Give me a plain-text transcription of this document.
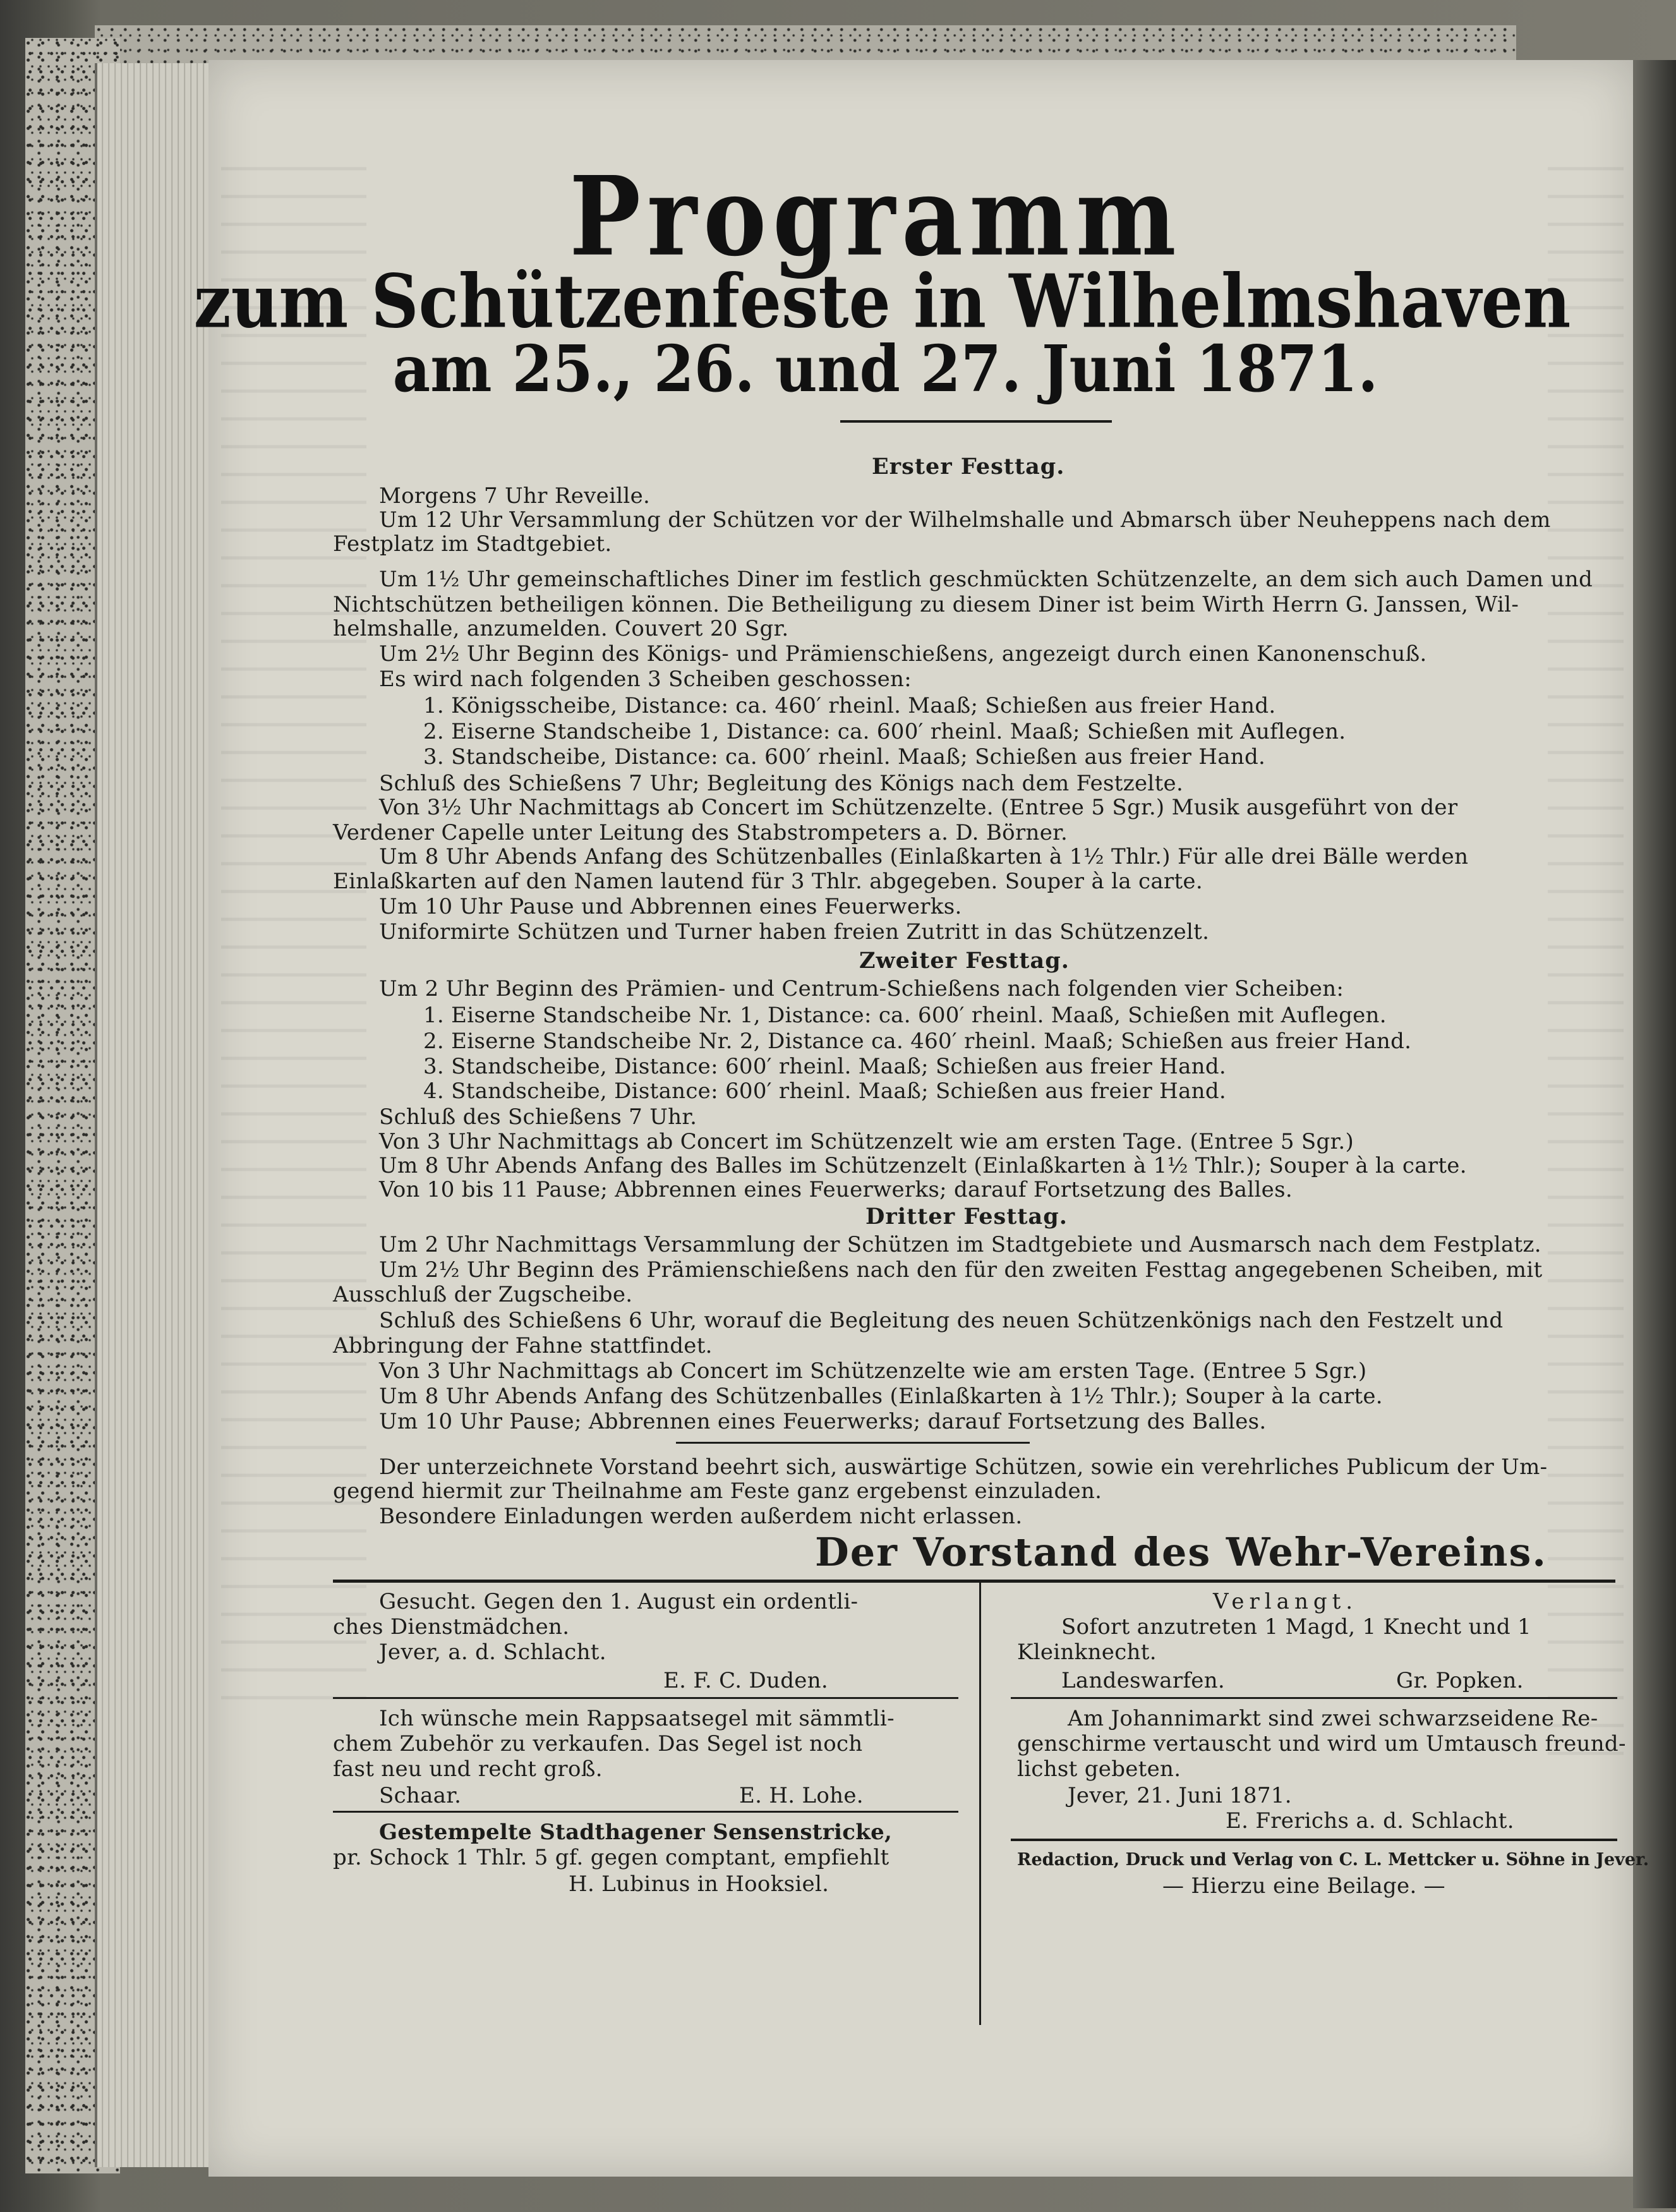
Programm
zum Schützenfeste in Wilhelmshaven
am 25., 26. und 27. Juni 1871.
Erster Festtag.
Morgens 7 Uhr Reveille.
Um 12 Uhr Versammlung der Schützen vor der Wilhelmshalle und Abmarsch über Neuheppens nach dem
Festplatz im Stadtgebiet.
Um 1½ Uhr gemeinschaftliches Diner im festlich geschmückten Schützenzelte, an dem sich auch Damen und
Nichtschützen betheiligen können. Die Betheiligung zu diesem Diner ist beim Wirth Herrn G. Janssen, Wil-
helmshalle, anzumelden. Couvert 20 Sgr.
Um 2½ Uhr Beginn des Königs- und Prämienschießens, angezeigt durch einen Kanonenschuß.
Es wird nach folgenden 3 Scheiben geschossen:
1. Königsscheibe, Distance: ca. 460′ rheinl. Maaß; Schießen aus freier Hand.
2. Eiserne Standscheibe 1, Distance: ca. 600′ rheinl. Maaß; Schießen mit Auflegen.
3. Standscheibe, Distance: ca. 600′ rheinl. Maaß; Schießen aus freier Hand.
Schluß des Schießens 7 Uhr; Begleitung des Königs nach dem Festzelte.
Von 3½ Uhr Nachmittags ab Concert im Schützenzelte. (Entree 5 Sgr.) Musik ausgeführt von der
Verdener Capelle unter Leitung des Stabstrompeters a. D. Börner.
Um 8 Uhr Abends Anfang des Schützenballes (Einlaßkarten à 1½ Thlr.) Für alle drei Bälle werden
Einlaßkarten auf den Namen lautend für 3 Thlr. abgegeben. Souper à la carte.
Um 10 Uhr Pause und Abbrennen eines Feuerwerks.
Uniformirte Schützen und Turner haben freien Zutritt in das Schützenzelt.
Zweiter Festtag.
Um 2 Uhr Beginn des Prämien- und Centrum-Schießens nach folgenden vier Scheiben:
1. Eiserne Standscheibe Nr. 1, Distance: ca. 600′ rheinl. Maaß, Schießen mit Auflegen.
2. Eiserne Standscheibe Nr. 2, Distance ca. 460′ rheinl. Maaß; Schießen aus freier Hand.
3. Standscheibe, Distance: 600′ rheinl. Maaß; Schießen aus freier Hand.
4. Standscheibe, Distance: 600′ rheinl. Maaß; Schießen aus freier Hand.
Schluß des Schießens 7 Uhr.
Von 3 Uhr Nachmittags ab Concert im Schützenzelt wie am ersten Tage. (Entree 5 Sgr.)
Um 8 Uhr Abends Anfang des Balles im Schützenzelt (Einlaßkarten à 1½ Thlr.); Souper à la carte.
Von 10 bis 11 Pause; Abbrennen eines Feuerwerks; darauf Fortsetzung des Balles.
Dritter Festtag.
Um 2 Uhr Nachmittags Versammlung der Schützen im Stadtgebiete und Ausmarsch nach dem Festplatz.
Um 2½ Uhr Beginn des Prämienschießens nach den für den zweiten Festtag angegebenen Scheiben, mit
Ausschluß der Zugscheibe.
Schluß des Schießens 6 Uhr, worauf die Begleitung des neuen Schützenkönigs nach den Festzelt und
Abbringung der Fahne stattfindet.
Von 3 Uhr Nachmittags ab Concert im Schützenzelte wie am ersten Tage. (Entree 5 Sgr.)
Um 8 Uhr Abends Anfang des Schützenballes (Einlaßkarten à 1½ Thlr.); Souper à la carte.
Um 10 Uhr Pause; Abbrennen eines Feuerwerks; darauf Fortsetzung des Balles.
Der unterzeichnete Vorstand beehrt sich, auswärtige Schützen, sowie ein verehrliches Publicum der Um-
gegend hiermit zur Theilnahme am Feste ganz ergebenst einzuladen.
Besondere Einladungen werden außerdem nicht erlassen.
Der Vorstand des Wehr-Vereins.
Gesucht. Gegen den 1. August ein ordentli-
ches Dienstmädchen.
Jever, a. d. Schlacht.
E. F. C. Duden.
Ich wünsche mein Rappsaatsegel mit sämmtli-
chem Zubehör zu verkaufen. Das Segel ist noch
fast neu und recht groß.
Schaar.	E. H. Lohe.
Gestempelte Stadthagener Sensenstricke,
pr. Schock 1 Thlr. 5 gf. gegen comptant, empfiehlt
H. Lubinus in Hooksiel.
Verlangt.
Sofort anzutreten 1 Magd, 1 Knecht und 1
Kleinknecht.
Landeswarfen.	Gr. Popken.
Am Johannimarkt sind zwei schwarzseidene Re-
genschirme vertauscht und wird um Umtausch freund-
lichst gebeten.
Jever, 21. Juni 1871.
E. Frerichs a. d. Schlacht.
Redaction, Druck und Verlag von C. L. Mettcker u. Söhne in Jever.
— Hierzu eine Beilage. —
